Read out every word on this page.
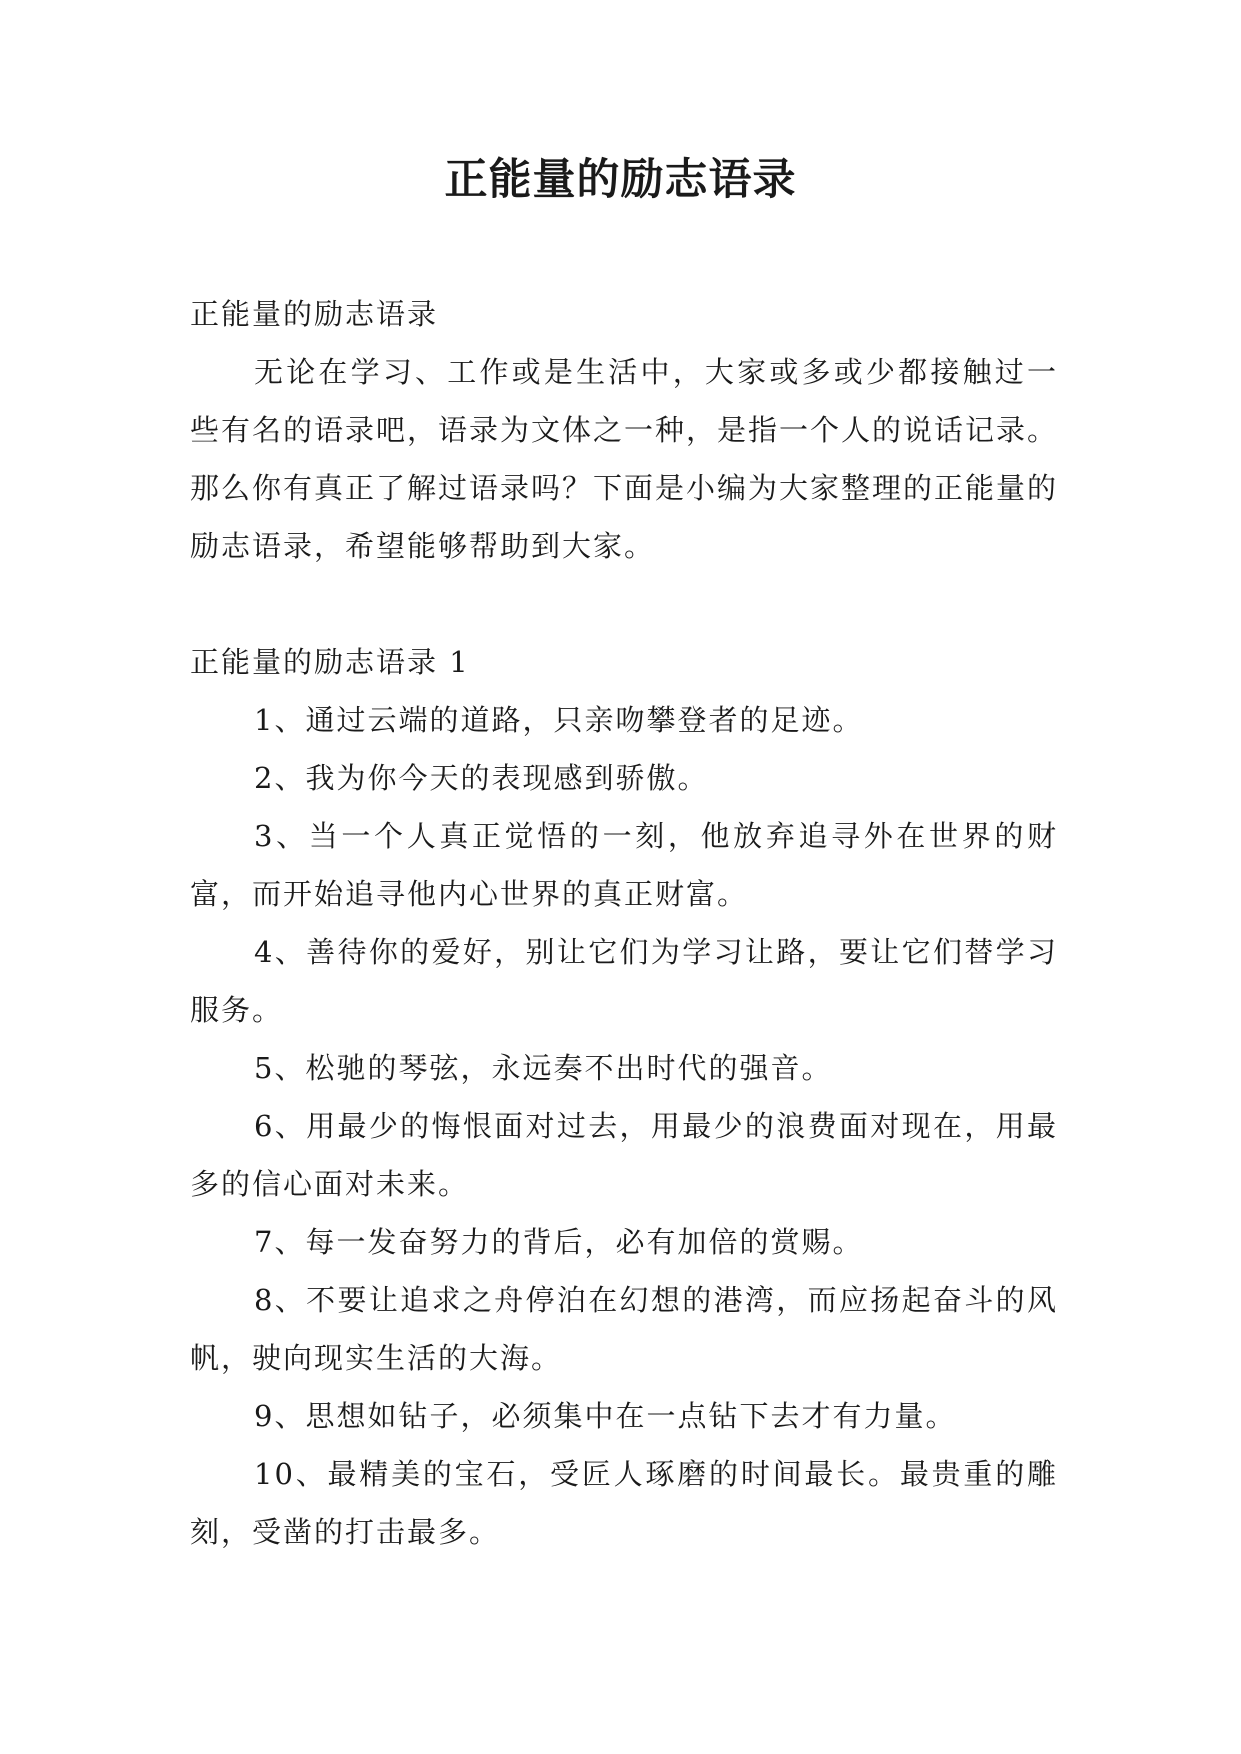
正能量的励志语录

正能量的励志语录

无论在学习、工作或是生活中，大家或多或少都接触过一些有名的语录吧，语录为文体之一种，是指一个人的说话记录。那么你有真正了解过语录吗？下面是小编为大家整理的正能量的励志语录，希望能够帮助到大家。

正能量的励志语录 1

1、通过云端的道路，只亲吻攀登者的足迹。

2、我为你今天的表现感到骄傲。

3、当一个人真正觉悟的一刻，他放弃追寻外在世界的财富，而开始追寻他内心世界的真正财富。

4、善待你的爱好，别让它们为学习让路，要让它们替学习服务。

5、松驰的琴弦，永远奏不出时代的强音。

6、用最少的悔恨面对过去，用最少的浪费面对现在，用最多的信心面对未来。

7、每一发奋努力的背后，必有加倍的赏赐。

8、不要让追求之舟停泊在幻想的港湾，而应扬起奋斗的风帆，驶向现实生活的大海。

9、思想如钻子，必须集中在一点钻下去才有力量。

10、最精美的宝石，受匠人琢磨的时间最长。最贵重的雕刻，受凿的打击最多。
